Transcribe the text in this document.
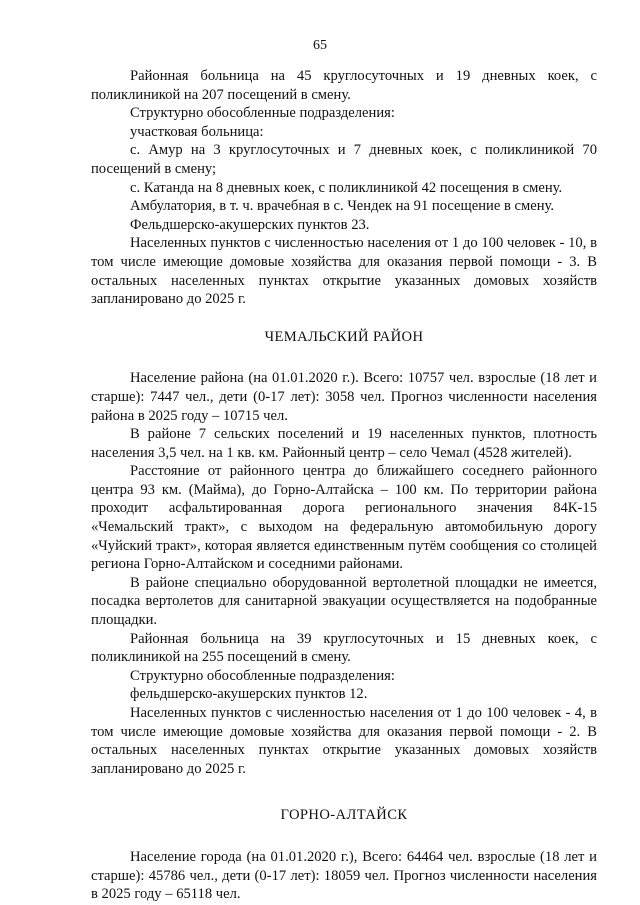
65

Районная больница на 45 круглосуточных и 19 дневных коек, с поликлиникой на 207 посещений в смену.

Структурно обособленные подразделения:

участковая больница:

с. Амур на 3 круглосуточных и 7 дневных коек, с поликлиникой 70 посещений в смену;

с. Катанда на 8 дневных коек, с поликлиникой 42 посещения в смену.

Амбулатория, в т. ч. врачебная в с. Чендек на 91 посещение в смену.

Фельдшерско-акушерских пунктов 23.

Населенных пунктов с численностью населения от 1 до 100 человек - 10, в том числе имеющие домовые хозяйства для оказания первой помощи - 3. В остальных населенных пунктах открытие указанных домовых хозяйств запланировано до 2025 г.

ЧЕМАЛЬСКИЙ РАЙОН

Население района (на 01.01.2020 г.). Всего: 10757 чел. взрослые (18 лет и старше): 7447 чел., дети (0-17 лет): 3058 чел. Прогноз численности населения района в 2025 году – 10715 чел.

В районе 7 сельских поселений и 19 населенных пунктов, плотность населения 3,5 чел. на 1 кв. км. Районный центр – село Чемал (4528 жителей).

Расстояние от районного центра до ближайшего соседнего районного центра 93 км. (Майма), до Горно-Алтайска – 100 км. По территории района проходит асфальтированная дорога регионального значения 84К-15 «Чемальский тракт», с выходом на федеральную автомобильную дорогу «Чуйский тракт», которая является единственным путём сообщения со столицей региона Горно-Алтайском и соседними районами.

В районе специально оборудованной вертолетной площадки не имеется, посадка вертолетов для санитарной эвакуации осуществляется на подобранные площадки.

Районная больница на 39 круглосуточных и 15 дневных коек, с поликлиникой на 255 посещений в смену.

Структурно обособленные подразделения:

фельдшерско-акушерских пунктов 12.

Населенных пунктов с численностью населения от 1 до 100 человек - 4, в том числе имеющие домовые хозяйства для оказания первой помощи - 2. В остальных населенных пунктах открытие указанных домовых хозяйств запланировано до 2025 г.

ГОРНО-АЛТАЙСК

Население города (на 01.01.2020 г.), Всего: 64464 чел. взрослые (18 лет и старше): 45786 чел., дети (0-17 лет): 18059 чел. Прогноз численности населения в 2025 году – 65118 чел.
